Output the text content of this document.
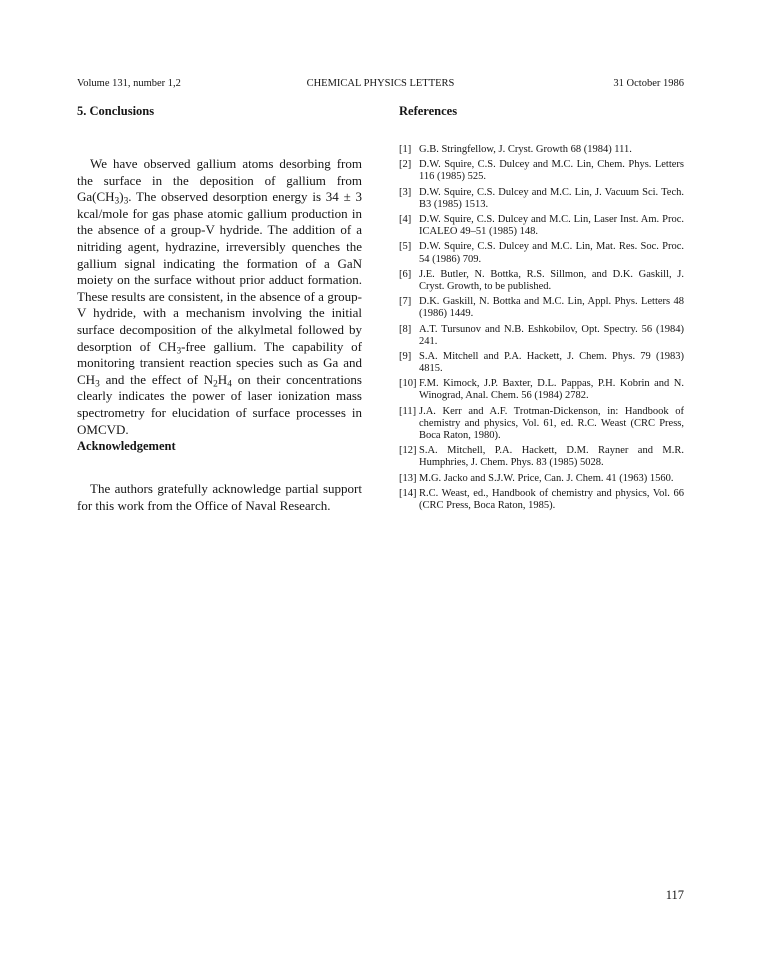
Volume 131, number 1,2	CHEMICAL PHYSICS LETTERS	31 October 1986
5. Conclusions

We have observed gallium atoms desorbing from the surface in the deposition of gallium from $Ga(CH_3)_3$. The observed desorption energy is 34 ± 3 kcal/mole for gas phase atomic gallium production in the absence of a group-V hydride. The addition of a nitriding agent, hydrazine, irreversibly quenches the gallium signal indicating the formation of a GaN moiety on the surface without prior adduct formation. These results are consistent, in the absence of a group-V hydride, with a mechanism involving the initial surface decomposition of the alkylmetal followed by desorption of $CH_3$-free gallium. The capability of monitoring transient reaction species such as Ga and $CH_3$ and the effect of $N_2H_4$ on their concentrations clearly indicates the power of laser ionization mass spectrometry for elucidation of surface processes in OMCVD.

Acknowledgement

The authors gratefully acknowledge partial support for this work from the Office of Naval Research.

References
[1] G.B. Stringfellow, J. Cryst. Growth 68 (1984) 111.
[2] D.W. Squire, C.S. Dulcey and M.C. Lin, Chem. Phys. Letters 116 (1985) 525.
[3] D.W. Squire, C.S. Dulcey and M.C. Lin, J. Vacuum Sci. Tech. B3 (1985) 1513.
[4] D.W. Squire, C.S. Dulcey and M.C. Lin, Laser Inst. Am. Proc. ICALEO 49–51 (1985) 148.
[5] D.W. Squire, C.S. Dulcey and M.C. Lin, Mat. Res. Soc. Proc. 54 (1986) 709.
[6] J.E. Butler, N. Bottka, R.S. Sillmon, and D.K. Gaskill, J. Cryst. Growth, to be published.
[7] D.K. Gaskill, N. Bottka and M.C. Lin, Appl. Phys. Letters 48 (1986) 1449.
[8] A.T. Tursunov and N.B. Eshkobilov, Opt. Spectry. 56 (1984) 241.
[9] S.A. Mitchell and P.A. Hackett, J. Chem. Phys. 79 (1983) 4815.
[10] F.M. Kimock, J.P. Baxter, D.L. Pappas, P.H. Kobrin and N. Winograd, Anal. Chem. 56 (1984) 2782.
[11] J.A. Kerr and A.F. Trotman-Dickenson, in: Handbook of chemistry and physics, Vol. 61, ed. R.C. Weast (CRC Press, Boca Raton, 1980).
[12] S.A. Mitchell, P.A. Hackett, D.M. Rayner and M.R. Humphries, J. Chem. Phys. 83 (1985) 5028.
[13] M.G. Jacko and S.J.W. Price, Can. J. Chem. 41 (1963) 1560.
[14] R.C. Weast, ed., Handbook of chemistry and physics, Vol. 66 (CRC Press, Boca Raton, 1985).
117
